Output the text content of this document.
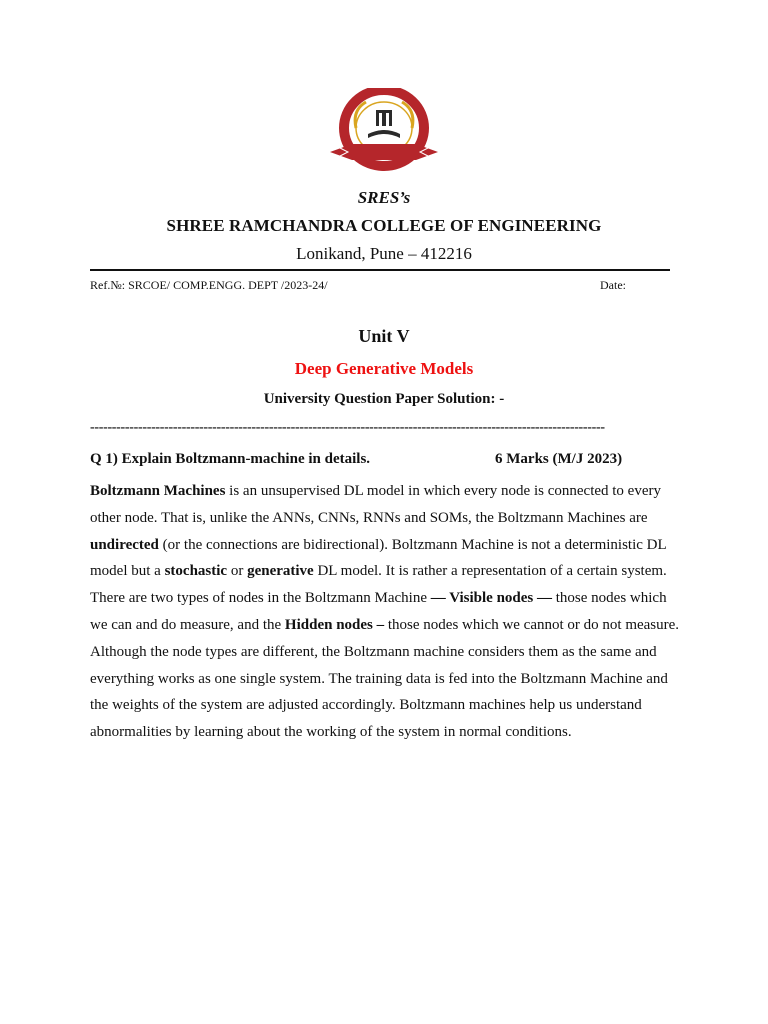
SRES’s
SHREE RAMCHANDRA COLLEGE OF ENGINEERING
Lonikand, Pune – 412216
Ref.№: SRCOE/ COMP.ENGG. DEPT /2023-24/	Date:
Unit V
Deep Generative Models
University Question Paper Solution: -
----------------------------------------------------------------------------------------------------------------------
Q 1) Explain Boltzmann-machine in details.	6 Marks (M/J 2023)
Boltzmann Machines is an unsupervised DL model in which every node is connected to every other node. That is, unlike the ANNs, CNNs, RNNs and SOMs, the Boltzmann Machines are undirected (or the connections are bidirectional). Boltzmann Machine is not a deterministic DL model but a stochastic or generative DL model. It is rather a representation of a certain system. There are two types of nodes in the Boltzmann Machine — Visible nodes — those nodes which we can and do measure, and the Hidden nodes – those nodes which we cannot or do not measure. Although the node types are different, the Boltzmann machine considers them as the same and everything works as one single system. The training data is fed into the Boltzmann Machine and the weights of the system are adjusted accordingly. Boltzmann machines help us understand abnormalities by learning about the working of the system in normal conditions.
